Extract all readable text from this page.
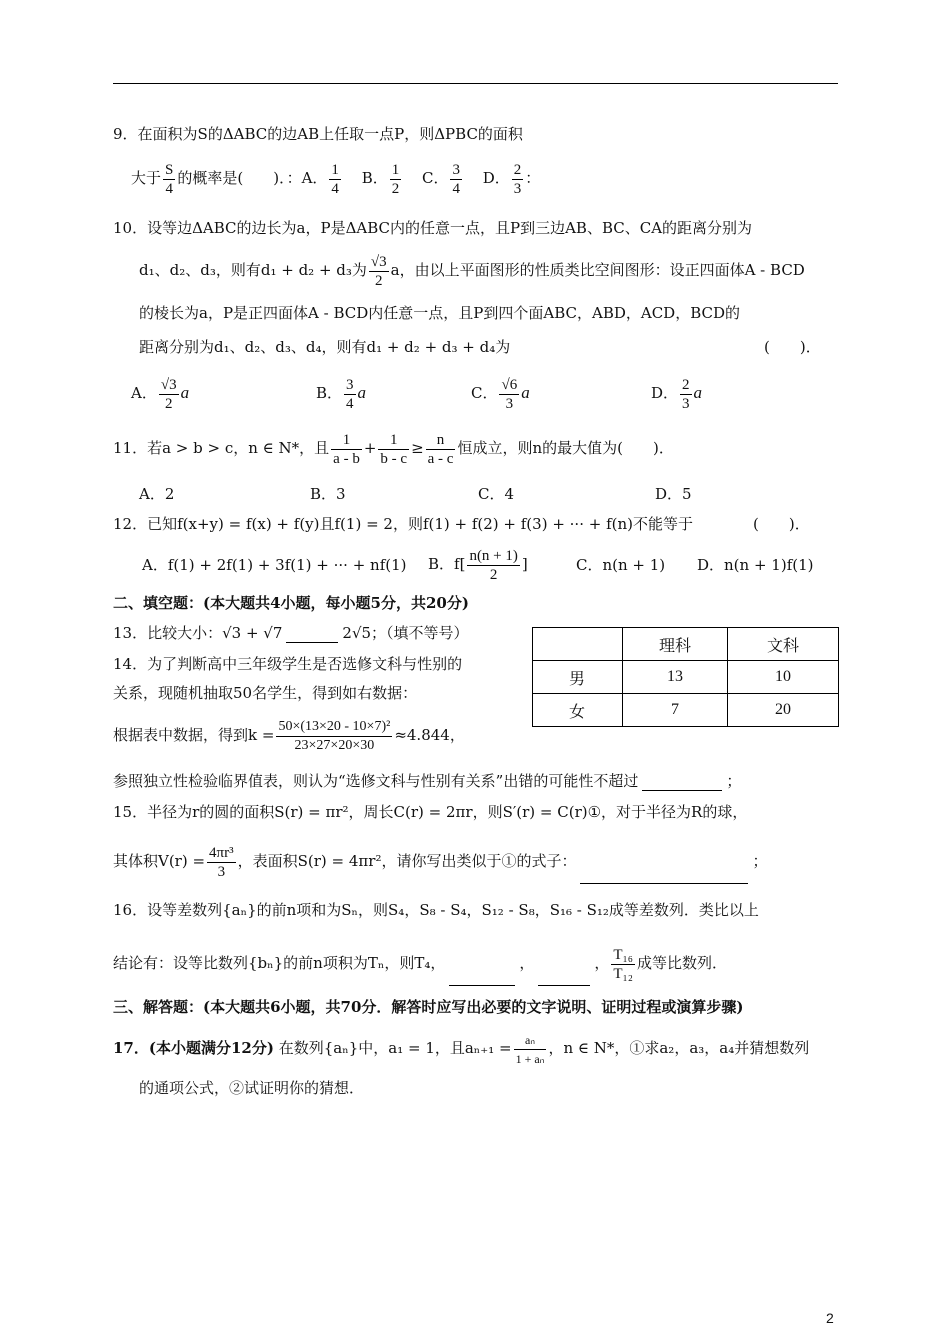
9．在面积为S的ΔABC的边AB上任取一点P，则ΔPBC的面积
大于 $\frac{S}{4}$ 的概率是(　　)．：A． $\frac{1}{4}$ B． $\frac{1}{2}$ C． $\frac{3}{4}$ D． $\frac{2}{3}$ ：
10．设等边ΔABC的边长为a，P是ΔABC内的任意一点，且P到三边AB、BC、CA的距离分别为
d₁、d₂、d₃，则有d₁ + d₂ + d₃为 $\frac{√3}{2}$ a，由以上平面图形的性质类比空间图形：设正四面体A - BCD
的棱长为a，P是正四面体A - BCD内任意一点，且P到四个面ABC，ABD，ACD，BCD的
距离分别为d₁、d₂、d₃、d₄，则有d₁ + d₂ + d₃ + d₄为	(　　)．
A． $\frac{√3}{2}$ a	B． $\frac{3}{4}$ a	C． $\frac{√6}{3}$ a	D． $\frac{2}{3}$ a
11．若a > b > c，n ∈ N*，且 $\frac{1}{a - b} + \frac{1}{b - c} \ge \frac{n}{a - c}$ 恒成立，则n的最大值为(　　)．
A．2	B．3	C．4	D．5
12．已知f(x+y) = f(x) + f(y)且f(1) = 2，则f(1) + f(2) + f(3) + ··· + f(n)不能等于	(　　)．
A．f(1) + 2f(1) + 3f(1) + ··· + nf(1) B．$f[ \frac{n(n + 1)}{2}$ ]	C．n(n + 1) D．n(n + 1)f(1)
二、填空题：(本大题共4小题，每小题5分，共20分)
13．比较大小：√3 + √7	2√5；（填不等号）
14．为了判断高中三年级学生是否选修文科与性别的
关系，现随机抽取50名学生，得到如右数据：
根据表中数据，得到$k = \frac{\text{50×(13×20 - 10×7)²}}{23\times 27\times 20\times 30} \approx 4.844$，
参照独立性检验临界值表，则认为“选修文科与性别有关系”出错的可能性不超过	；
	理科	文科
男	13	10
女	7	20
15．半径为r的圆的面积S(r) = πr²，周长C(r) = 2πr，则S′(r) = C(r)①，对于半径为R的球，
其体积$V(r) = \frac{\text{4πr³}}{3}$ ，表面积S(r) = 4πr²，请你写出类似于①的式子：	；
16．设等差数列{aₙ}的前n项和为Sₙ，则S₄，S₈ - S₄，S₁₂ - S₈，S₁₆ - S₁₂成等差数列．类比以上
结论有：设等比数列{bₙ}的前n项积为Tₙ，则T₄，	，	， $\frac{\text{T₁₆}}{\text{T₁₂}}$ 成等比数列．
三、解答题：(本大题共6小题，共70分．解答时应写出必要的文字说明、证明过程或演算步骤)
17．(本小题满分12分) 在数列{aₙ}中，a₁ = 1，且$a_{n+1} = \frac{\text{aₙ}}{\text{1 + aₙ}}$ ，n ∈ N*，①求a₂，a₃，a₄并猜想数列
的通项公式，②试证明你的猜想．
2
